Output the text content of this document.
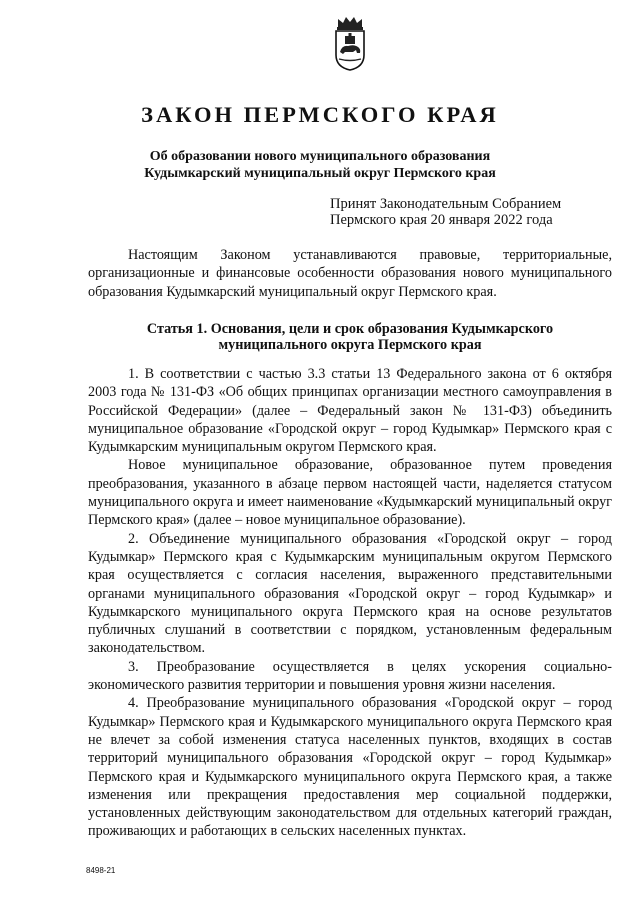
ЗАКОН ПЕРМСКОГО КРАЯ
Об образовании нового муниципального образования
Кудымкарский муниципальный округ Пермского края
Принят Законодательным Собранием
Пермского края 20 января 2022 года

Настоящим Законом устанавливаются правовые, территориальные, организационные и финансовые особенности образования нового муниципального образования Кудымкарский муниципальный округ Пермского края.

Статья 1. Основания, цели и срок образования Кудымкарского
муниципального округа Пермского края

1. В соответствии с частью 3.3 статьи 13 Федерального закона от 6 октября 2003 года № 131-ФЗ «Об общих принципах организации местного самоуправления в Российской Федерации» (далее – Федеральный закон № 131-ФЗ) объединить муниципальное образование «Городской округ – город Кудымкар» Пермского края с Кудымкарским муниципальным округом Пермского края.

Новое муниципальное образование, образованное путем проведения преобразования, указанного в абзаце первом настоящей части, наделяется статусом муниципального округа и имеет наименование «Кудымкарский муниципальный округ Пермского края» (далее – новое муниципальное образование).

2. Объединение муниципального образования «Городской округ – город Кудымкар» Пермского края с Кудымкарским муниципальным округом Пермского края осуществляется с согласия населения, выраженного представительными органами муниципального образования «Городской округ – город Кудымкар» и Кудымкарского муниципального округа Пермского края на основе результатов публичных слушаний в соответствии с порядком, установленным федеральным законодательством.

3. Преобразование осуществляется в целях ускорения социально-экономического развития территории и повышения уровня жизни населения.

4. Преобразование муниципального образования «Городской округ – город Кудымкар» Пермского края и Кудымкарского муниципального округа Пермского края не влечет за собой изменения статуса населенных пунктов, входящих в состав территорий муниципального образования «Городской округ – город Кудымкар» Пермского края и Кудымкарского муниципального округа Пермского края, а также изменения или прекращения предоставления мер социальной поддержки, установленных действующим законодательством для отдельных категорий граждан, проживающих и работающих в сельских населенных пунктах.

8498-21
